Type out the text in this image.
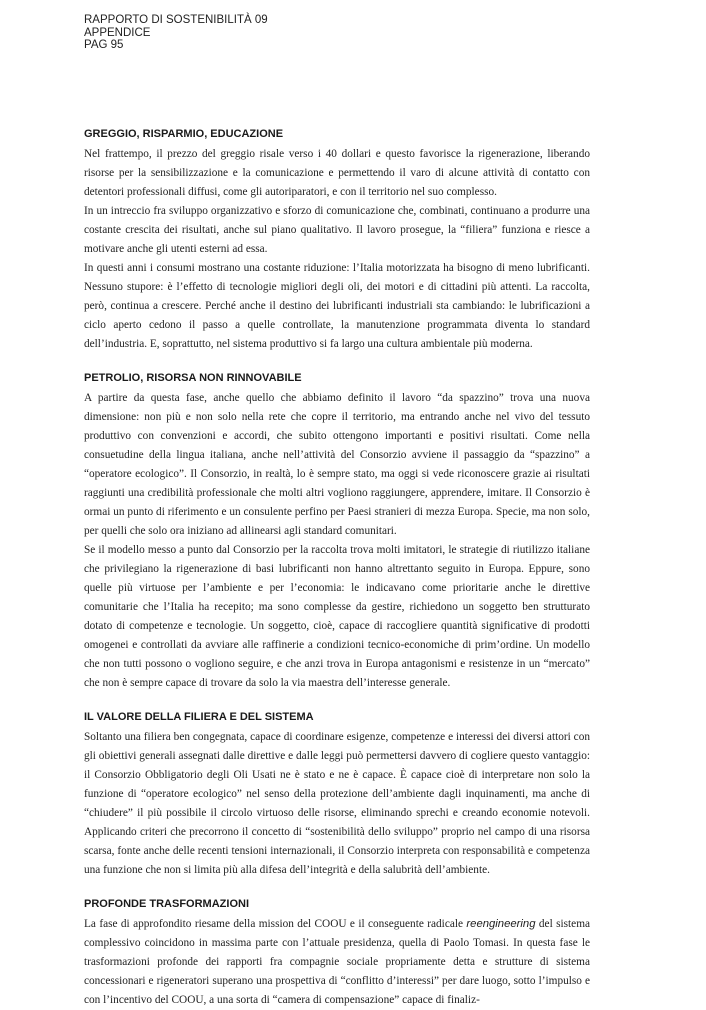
RAPPORTO DI SOSTENIBILITÀ 09
APPENDICE
PAG 95
GREGGIO, RISPARMIO, EDUCAZIONE

Nel frattempo, il prezzo del greggio risale verso i 40 dollari e questo favorisce la rigenerazione, liberando risorse per la sensibilizzazione e la comunicazione e permettendo il varo di alcune attività di contatto con detentori professionali diffusi, come gli autoriparatori, e con il territorio nel suo complesso.

In un intreccio fra sviluppo organizzativo e sforzo di comunicazione che, combinati, continuano a produrre una costante crescita dei risultati, anche sul piano qualitativo. Il lavoro prosegue, la “filiera” funziona e riesce a motivare anche gli utenti esterni ad essa.

In questi anni i consumi mostrano una costante riduzione: l’Italia motorizzata ha bisogno di meno lubrificanti. Nessuno stupore: è l’effetto di tecnologie migliori degli oli, dei motori e di cittadini più attenti. La raccolta, però, continua a crescere. Perché anche il destino dei lubrificanti industriali sta cambiando: le lubrificazioni a ciclo aperto cedono il passo a quelle controllate, la manutenzione programmata diventa lo standard dell’industria. E, soprattutto, nel sistema produttivo si fa largo una cultura ambientale più moderna.

PETROLIO, RISORSA NON RINNOVABILE

A partire da questa fase, anche quello che abbiamo definito il lavoro “da spazzino” trova una nuova dimensione: non più e non solo nella rete che copre il territorio, ma entrando anche nel vivo del tessuto produttivo con convenzioni e accordi, che subito ottengono importanti e positivi risultati. Come nella consuetudine della lingua italiana, anche nell’attività del Consorzio avviene il passaggio da “spazzino” a “operatore ecologico”. Il Consorzio, in realtà, lo è sempre stato, ma oggi si vede riconoscere grazie ai risultati raggiunti una credibilità professionale che molti altri vogliono raggiungere, apprendere, imitare. Il Consorzio è ormai un punto di riferimento e un consulente perfino per Paesi stranieri di mezza Europa. Specie, ma non solo, per quelli che solo ora iniziano ad allinearsi agli standard comunitari.

Se il modello messo a punto dal Consorzio per la raccolta trova molti imitatori, le strategie di riutilizzo italiane che privilegiano la rigenerazione di basi lubrificanti non hanno altrettanto seguito in Europa. Eppure, sono quelle più virtuose per l’ambiente e per l’economia: le indicavano come prioritarie anche le direttive comunitarie che l’Italia ha recepito; ma sono complesse da gestire, richiedono un soggetto ben strutturato dotato di competenze e tecnologie. Un soggetto, cioè, capace di raccogliere quantità significative di prodotti omogenei e controllati da avviare alle raffinerie a condizioni tecnico-economiche di prim’ordine. Un modello che non tutti possono o vogliono seguire, e che anzi trova in Europa antagonismi e resistenze in un “mercato” che non è sempre capace di trovare da solo la via maestra dell’interesse generale.

IL VALORE DELLA FILIERA E DEL SISTEMA

Soltanto una filiera ben congegnata, capace di coordinare esigenze, competenze e interessi dei diversi attori con gli obiettivi generali assegnati dalle direttive e dalle leggi può permettersi davvero di cogliere questo vantaggio: il Consorzio Obbligatorio degli Oli Usati ne è stato e ne è capace. È capace cioè di interpretare non solo la funzione di “operatore ecologico” nel senso della protezione dell’ambiente dagli inquinamenti, ma anche di “chiudere” il più possibile il circolo virtuoso delle risorse, eliminando sprechi e creando economie notevoli. Applicando criteri che precorrono il concetto di “sostenibilità dello sviluppo” proprio nel campo di una risorsa scarsa, fonte anche delle recenti tensioni internazionali, il Consorzio interpreta con responsabilità e competenza una funzione che non si limita più alla difesa dell’integrità e della salubrità dell’ambiente.

PROFONDE TRASFORMAZIONI

La fase di approfondito riesame della mission del COOU e il conseguente radicale reengineering del sistema complessivo coincidono in massima parte con l’attuale presidenza, quella di Paolo Tomasi. In questa fase le trasformazioni profonde dei rapporti fra compagnie sociale propriamente detta e strutture di sistema concessionari e rigeneratori superano una prospettiva di “conflitto d’interessi” per dare luogo, sotto l’impulso e con l’incentivo del COOU, a una sorta di “camera di compensazione” capace di finaliz-
